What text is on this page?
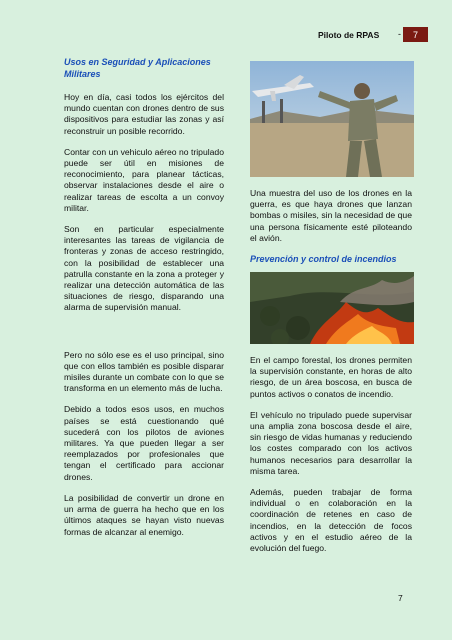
Piloto de RPAS -	7
Usos en Seguridad y Aplicaciones Militares

Hoy en día, casi todos los ejércitos del mundo cuentan con drones dentro de sus dispositivos para estudiar las zonas y así reconstruir un posible recorrido.

Contar con un vehiculo aéreo no tripulado puede ser útil en misiones de reconocimiento, para planear tácticas, observar instalaciones desde el aire o realizar tareas de escolta a un convoy militar.

Son en particular especialmente interesantes las tareas de vigilancia de fronteras y zonas de acceso restringido, con la posibilidad de establecer una patrulla constante en la zona a proteger y realizar una detección automática de las situaciones de riesgo, disparando una alarma de supervisión manual.

Pero no sólo ese es el uso principal, sino que con ellos también es posible disparar misiles durante un combate con lo que se transforma en un elemento más de lucha.

Debido a todos esos usos, en muchos países se está cuestionando qué sucederá con los pilotos de aviones militares. Ya que pueden llegar a ser reemplazados por profesionales que tengan el certificado para accionar drones.

La posibilidad de convertir un drone en un arma de guerra ha hecho que en los últimos ataques se hayan visto nuevas formas de alcanzar al enemigo.

Una muestra del uso de los drones en la guerra, es que haya drones que lanzan bombas o misiles, sin la necesidad de que una persona físicamente esté piloteando el avión.

Prevención y control de incendios

En el campo forestal, los drones permiten la supervisión constante, en horas de alto riesgo, de un área boscosa, en busca de puntos activos o conatos de incendio.

El vehículo no tripulado puede supervisar una amplia zona boscosa desde el aire, sin riesgo de vidas humanas y reduciendo los costes comparado con los activos humanos necesarios para desarrollar la misma tarea.

Además, pueden trabajar de forma individual o en colaboración en la coordinación de retenes en caso de incendios, en la detección de focos activos y en el estudio aéreo de la evolución del fuego.

7
